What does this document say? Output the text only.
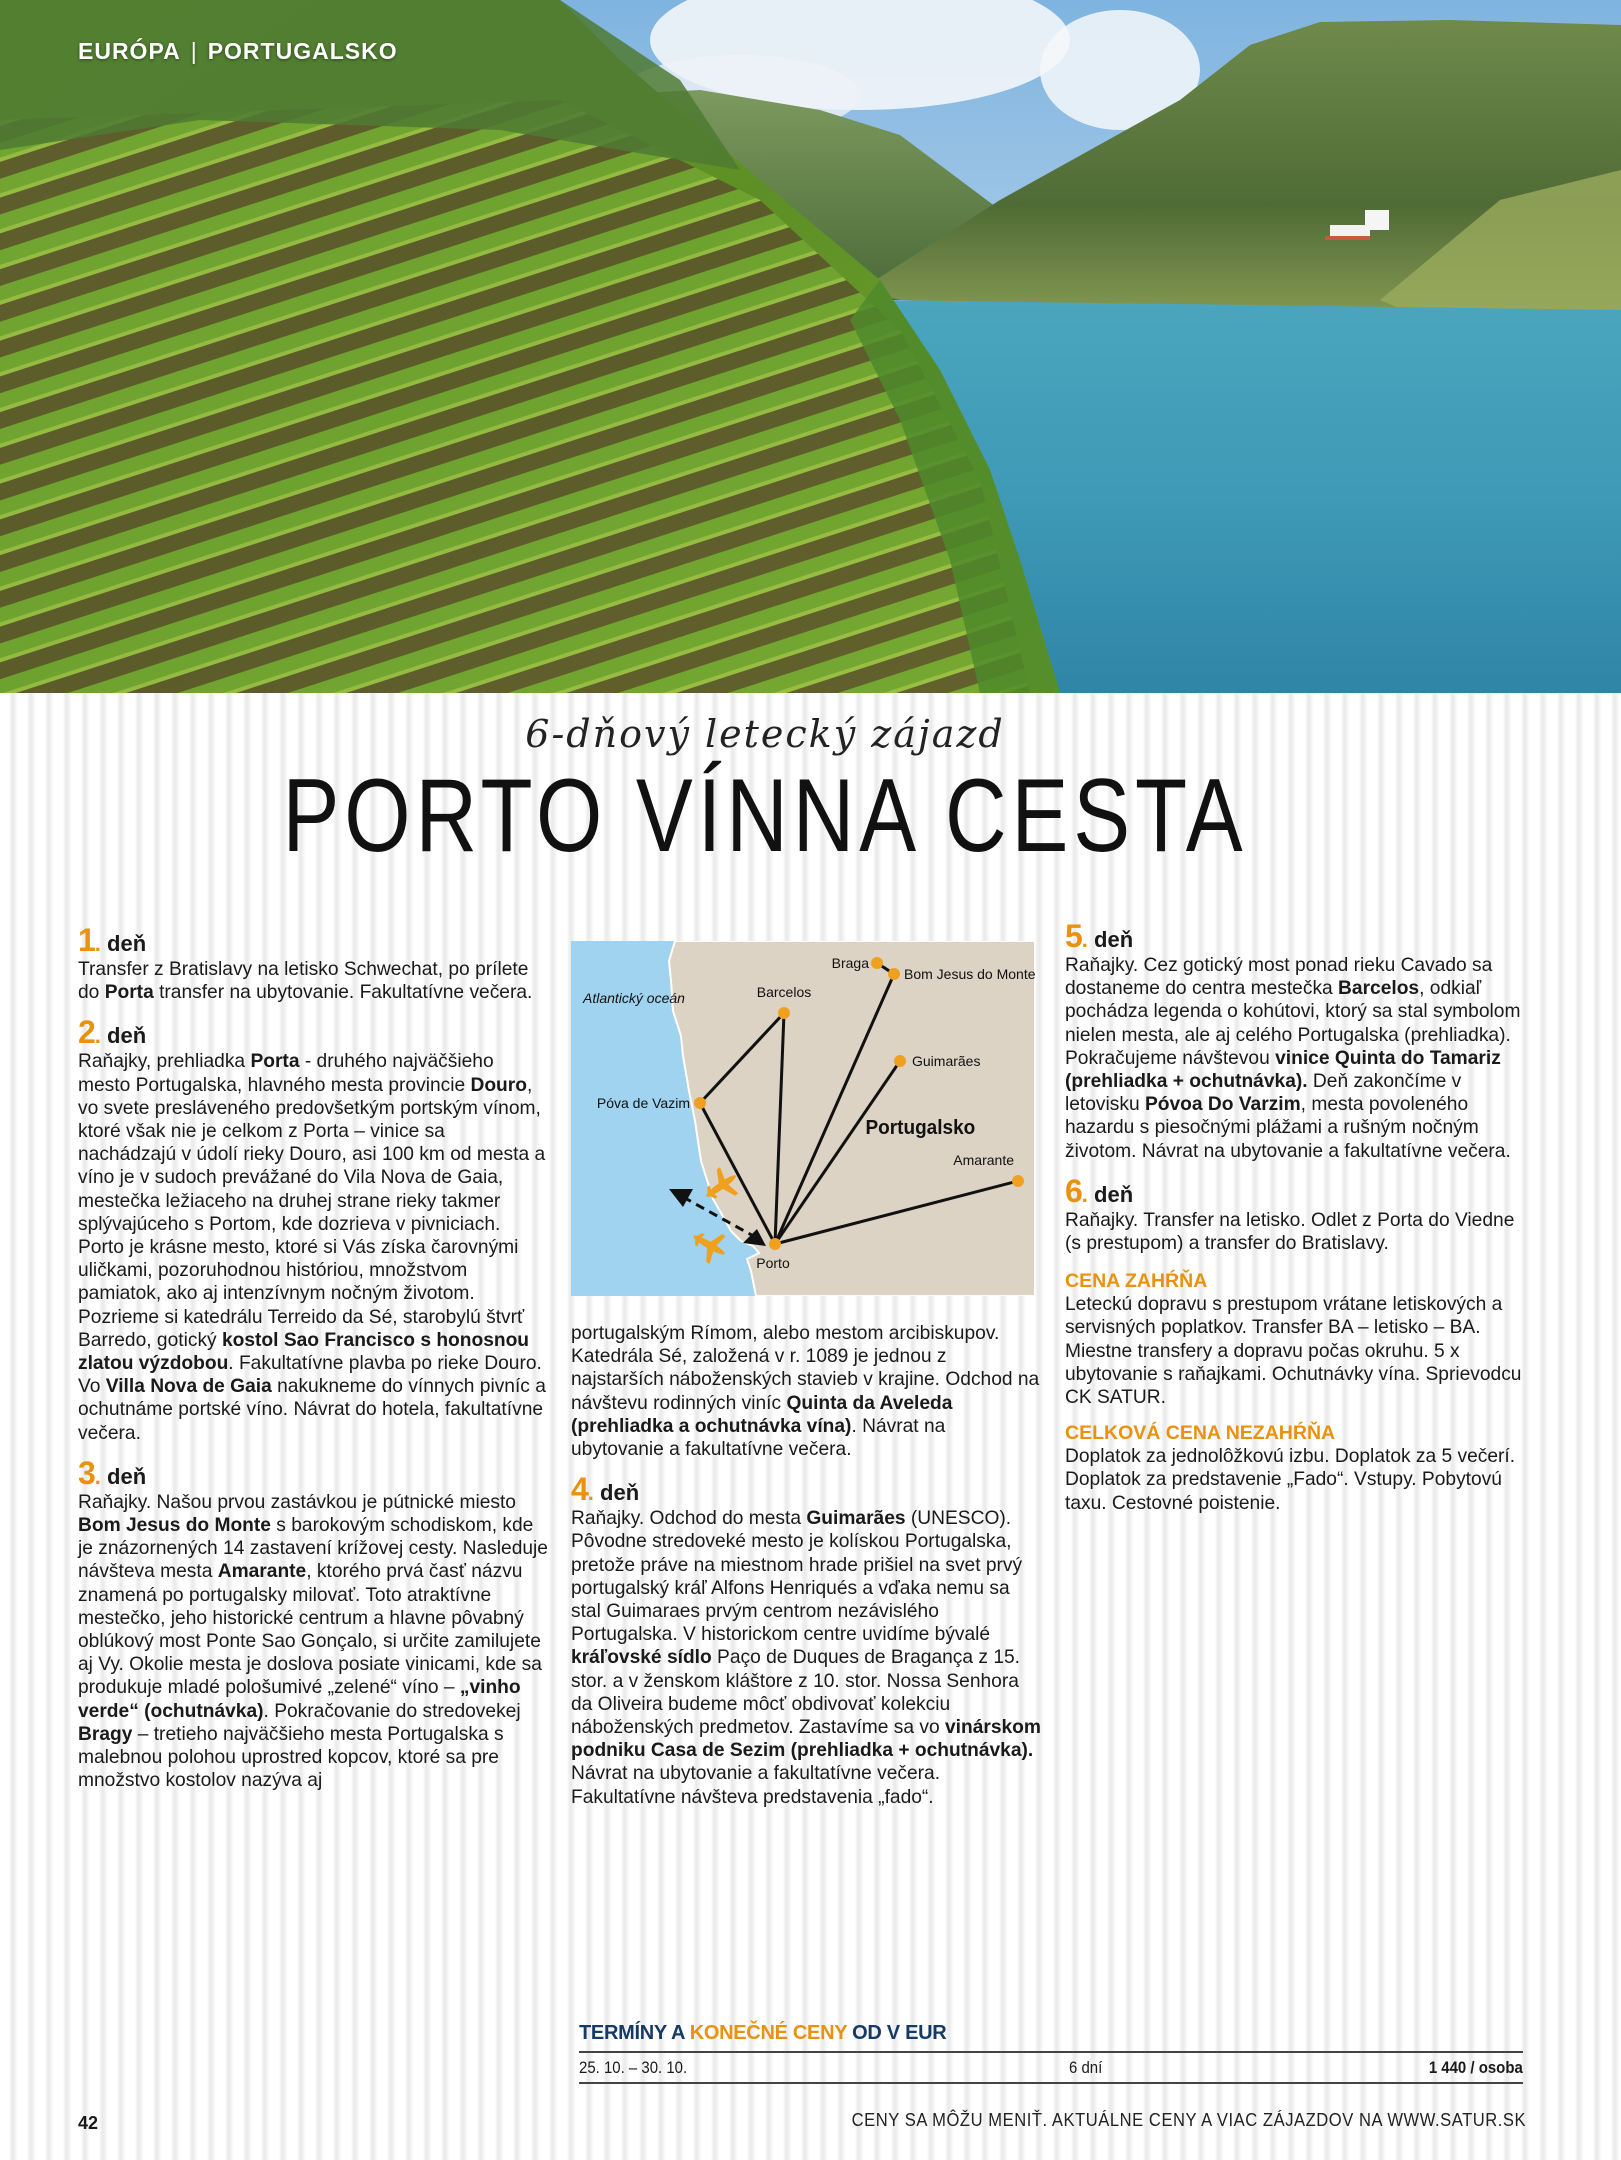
EURÓPA | PORTUGALSKO
6-dňový letecký zájazd
PORTO VÍNNA CESTA
1. deň
Transfer z Bratislavy na letisko Schwechat, po prílete do Porta transfer na ubytovanie. Fakultatívne večera.
2. deň
Raňajky, prehliadka Porta - druhého najväčšieho mesto Portugalska, hlavného mesta provincie Douro, vo svete presláveného predovšetkým portským vínom, ktoré však nie je celkom z Porta – vinice sa nachádzajú v údolí rieky Douro, asi 100 km od mesta a víno je v sudoch prevážané do Vila Nova de Gaia, mestečka ležiaceho na druhej strane rieky takmer splývajúceho s Portom, kde dozrieva v pivniciach. Porto je krásne mesto, ktoré si Vás získa čarovnými uličkami, pozoruhodnou históriou, množstvom pamiatok, ako aj intenzívnym nočným životom. Pozrieme si katedrálu Terreido da Sé, starobylú štvrť Barredo, gotický kostol Sao Francisco s honosnou zlatou výzdobou. Fakultatívne plavba po rieke Douro. Vo Villa Nova de Gaia nakukneme do vínnych pivníc a ochutnáme portské víno. Návrat do hotela, fakultatívne večera.
3. deň
Raňajky. Našou prvou zastávkou je pútnické miesto Bom Jesus do Monte s barokovým schodiskom, kde je znázornených 14 zastavení krížovej cesty. Nasleduje návšteva mesta Amarante, ktorého prvá časť názvu znamená po portugalsky milovať. Toto atraktívne mestečko, jeho historické centrum a hlavne pôvabný oblúkový most Ponte Sao Gonçalo, si určite zamilujete aj Vy. Okolie mesta je doslova posiate vinicami, kde sa produkuje mladé pološumivé „zelené“ víno – „vinho verde“ (ochutnávka). Pokračovanie do stredovekej Bragy – tretieho najväčšieho mesta Portugalska s malebnou polohou uprostred kopcov, ktoré sa pre množstvo kostolov nazýva aj
Braga
Bom Jesus do Monte
Barcelos
Guimarães
Póva de Vazim
Amarante
Porto
Atlantický oceán
Portugalsko
portugalským Rímom, alebo mestom arcibiskupov. Katedrála Sé, založená v r. 1089 je jednou z najstarších náboženských stavieb v krajine. Odchod na návštevu rodinných viníc Quinta da Aveleda (prehliadka a ochutnávka vína). Návrat na ubytovanie a fakultatívne večera.
4. deň
Raňajky. Odchod do mesta Guimarães (UNESCO). Pôvodne stredoveké mesto je kolískou Portugalska, pretože práve na miestnom hrade prišiel na svet prvý portugalský kráľ Alfons Henriqués a vďaka nemu sa stal Guimaraes prvým centrom nezávislého Portugalska. V historickom centre uvidíme bývalé kráľovské sídlo Paço de Duques de Bragança z 15. stor. a v ženskom kláštore z 10. stor. Nossa Senhora da Oliveira budeme môcť obdivovať kolekciu náboženských predmetov. Zastavíme sa vo vinárskom podniku Casa de Sezim (prehliadka + ochutnávka). Návrat na ubytovanie a fakultatívne večera. Fakultatívne návšteva predstavenia „fado“.
5. deň
Raňajky. Cez gotický most ponad rieku Cavado sa dostaneme do centra mestečka Barcelos, odkiaľ pochádza legenda o kohútovi, ktorý sa stal symbolom nielen mesta, ale aj celého Portugalska (prehliadka). Pokračujeme návštevou vinice Quinta do Tamariz (prehliadka + ochutnávka). Deň zakončíme v letovisku Póvoa Do Varzim, mesta povoleného hazardu s piesočnými plážami a rušným nočným životom. Návrat na ubytovanie a fakultatívne večera.
6. deň
Raňajky. Transfer na letisko. Odlet z Porta do Viedne (s prestupom) a transfer do Bratislavy.
CENA ZAHŔŇA
Leteckú dopravu s prestupom vrátane letiskových a servisných poplatkov. Transfer BA – letisko – BA. Miestne transfery a dopravu počas okruhu. 5 x ubytovanie s raňajkami. Ochutnávky vína. Sprievodcu CK SATUR.
CELKOVÁ CENA NEZAHŔŇA
Doplatok za jednolôžkovú izbu. Doplatok za 5 večerí. Doplatok za predstavenie „Fado“. Vstupy. Pobytovú taxu. Cestovné poistenie.
TERMÍNY A KONEČNÉ CENY OD V EUR
25. 10. – 30. 10.	6 dní	1 440 / osoba
CENY SA MÔŽU MENIŤ. AKTUÁLNE CENY A VIAC ZÁJAZDOV NA WWW.SATUR.SK
42
